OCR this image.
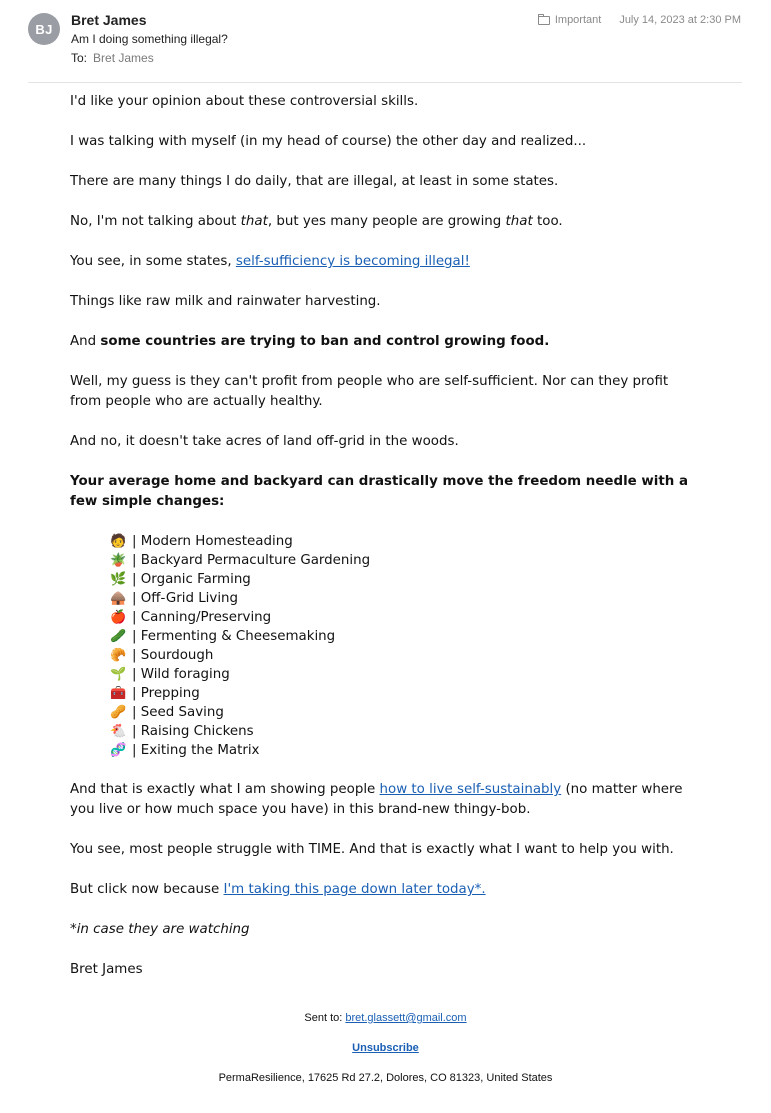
BJ
Bret James
Am I doing something illegal?
To: Bret James
Important July 14, 2023 at 2:30 PM

I'd like your opinion about these controversial skills.

I was talking with myself (in my head of course) the other day and realized...

There are many things I do daily, that are illegal, at least in some states.

No, I'm not talking about that, but yes many people are growing that too.

You see, in some states, self-sufficiency is becoming illegal!

Things like raw milk and rainwater harvesting.

And some countries are trying to ban and control growing food.

Well, my guess is they can't profit from people who are self-sufficient. Nor can they profit from people who are actually healthy.

And no, it doesn't take acres of land off-grid in the woods.

Your average home and backyard can drastically move the freedom needle with a few simple changes:

🧑 | Modern Homesteading
🪴 | Backyard Permaculture Gardening
🌿 | Organic Farming
🛖 | Off-Grid Living
🍎 | Canning/Preserving
🥒 | Fermenting & Cheesemaking
🥐 | Sourdough
🌱 | Wild foraging
🧰 | Prepping
🥜 | Seed Saving
🐔 | Raising Chickens
🧬 | Exiting the Matrix

And that is exactly what I am showing people how to live self-sustainably (no matter where you live or how much space you have) in this brand-new thingy-bob.

You see, most people struggle with TIME. And that is exactly what I want to help you with.

But click now because I'm taking this page down later today*.

*in case they are watching

Bret James

Sent to: bret.glassett@gmail.com
Unsubscribe
PermaResilience, 17625 Rd 27.2, Dolores, CO 81323, United States
